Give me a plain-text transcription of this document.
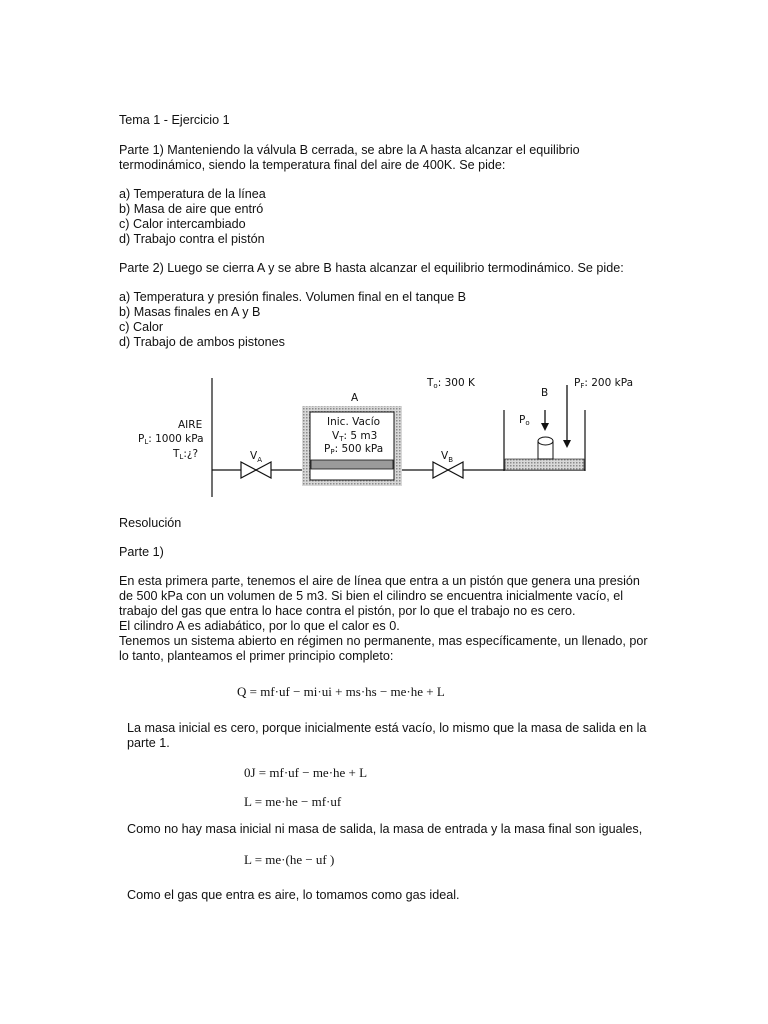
Tema 1 - Ejercicio 1
Parte 1) Manteniendo la válvula B cerrada, se abre la A hasta alcanzar el equilibrio
termodinámico, siendo la temperatura final del aire de 400K. Se pide:
a) Temperatura de la línea
b) Masa de aire que entró
c) Calor intercambiado
d) Trabajo contra el pistón
Parte 2) Luego se cierra A y se abre B hasta alcanzar el equilibrio termodinámico. Se pide:
a) Temperatura y presión finales. Volumen final en el tanque B
b) Masas finales en A y B
c) Calor
d) Trabajo de ambos pistones
AIRE
PL: 1000 kPa
TL:¿?	$V_A$	$V_B$
A
Inic. Vacío
VT: 5 m3
PP: 500 kPa
To: 300 K
B
Po
PF: 200 kPa
Resolución
Parte 1)
En esta primera parte, tenemos el aire de línea que entra a un pistón que genera una presión
de 500 kPa con un volumen de 5 m3. Si bien el cilindro se encuentra inicialmente vacío, el
trabajo del gas que entra lo hace contra el pistón, por lo que el trabajo no es cero.
El cilindro A es adiabático, por lo que el calor es 0.
Tenemos un sistema abierto en régimen no permanente, mas específicamente, un llenado, por
lo tanto, planteamos el primer principio completo:
Q = mf·uf − mi·ui + ms·hs − me·he + L
La masa inicial es cero, porque inicialmente está vacío, lo mismo que la masa de salida en la
parte 1.
0J = mf·uf − me·he + L
L = me·he − mf·uf
Como no hay masa inicial ni masa de salida, la masa de entrada y la masa final son iguales,
L = me·(he − uf )
Como el gas que entra es aire, lo tomamos como gas ideal.
